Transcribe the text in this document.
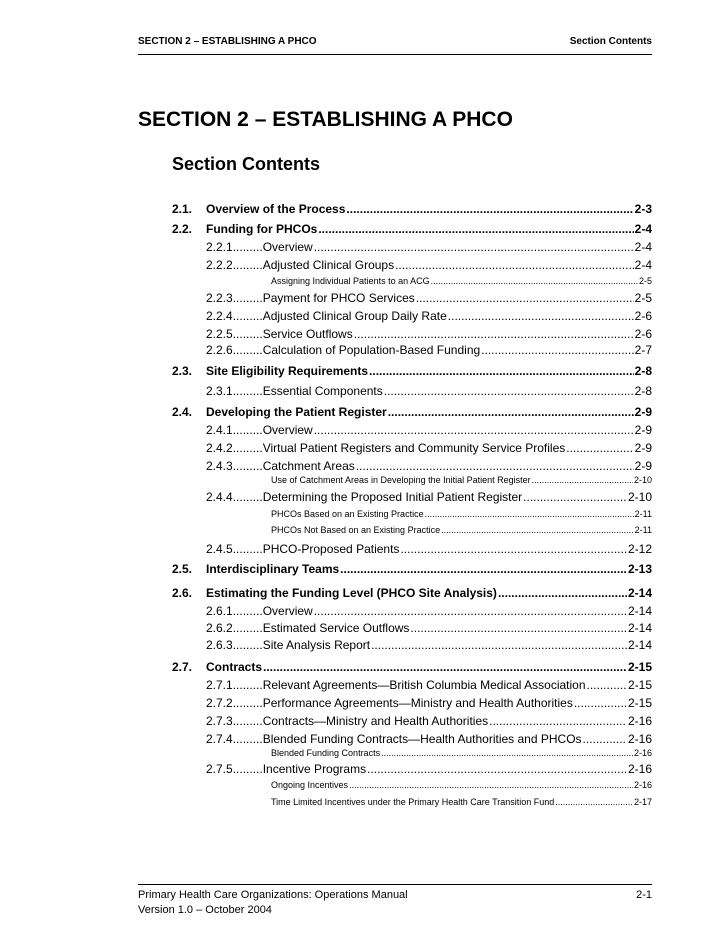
SECTION 2 – ESTABLISHING A PHCO	Section Contents
SECTION 2 – ESTABLISHING A PHCO
Section Contents
2.1. Overview of the Process .....	2-3
2.2. Funding for PHCOs .....	2-4
2.2.1.........Overview .....	2-4
2.2.2.........Adjusted Clinical Groups .....	2-4
Assigning Individual Patients to an ACG .....	2-5
2.2.3.........Payment for PHCO Services .....	2-5
2.2.4.........Adjusted Clinical Group Daily Rate .....	2-6
2.2.5.........Service Outflows .....	2-6
2.2.6.........Calculation of Population-Based Funding .....	2-7
2.3. Site Eligibility Requirements .....	2-8
2.3.1.........Essential Components .....	2-8
2.4. Developing the Patient Register .....	2-9
2.4.1.........Overview .....	2-9
2.4.2.........Virtual Patient Registers and Community Service Profiles .....	2-9
2.4.3.........Catchment Areas .....	2-9
Use of Catchment Areas in Developing the Initial Patient Register .....	2-10
2.4.4.........Determining the Proposed Initial Patient Register .....	2-10
PHCOs Based on an Existing Practice .....	2-11
PHCOs Not Based on an Existing Practice .....	2-11
2.4.5.........PHCO-Proposed Patients .....	2-12
2.5. Interdisciplinary Teams .....	2-13
2.6. Estimating the Funding Level (PHCO Site Analysis) .....	2-14
2.6.1.........Overview .....	2-14
2.6.2.........Estimated Service Outflows .....	2-14
2.6.3.........Site Analysis Report .....	2-14
2.7. Contracts .....	2-15
2.7.1.........Relevant Agreements—British Columbia Medical Association .....	2-15
2.7.2.........Performance Agreements—Ministry and Health Authorities .....	2-15
2.7.3.........Contracts—Ministry and Health Authorities .....	2-16
2.7.4.........Blended Funding Contracts—Health Authorities and PHCOs .....	2-16
Blended Funding Contracts .....	2-16
2.7.5.........Incentive Programs .....	2-16
Ongoing Incentives .....	2-16
Time Limited Incentives under the Primary Health Care Transition Fund .....	2-17
Primary Health Care Organizations: Operations Manual
Version 1.0 – October 2004
2-1
